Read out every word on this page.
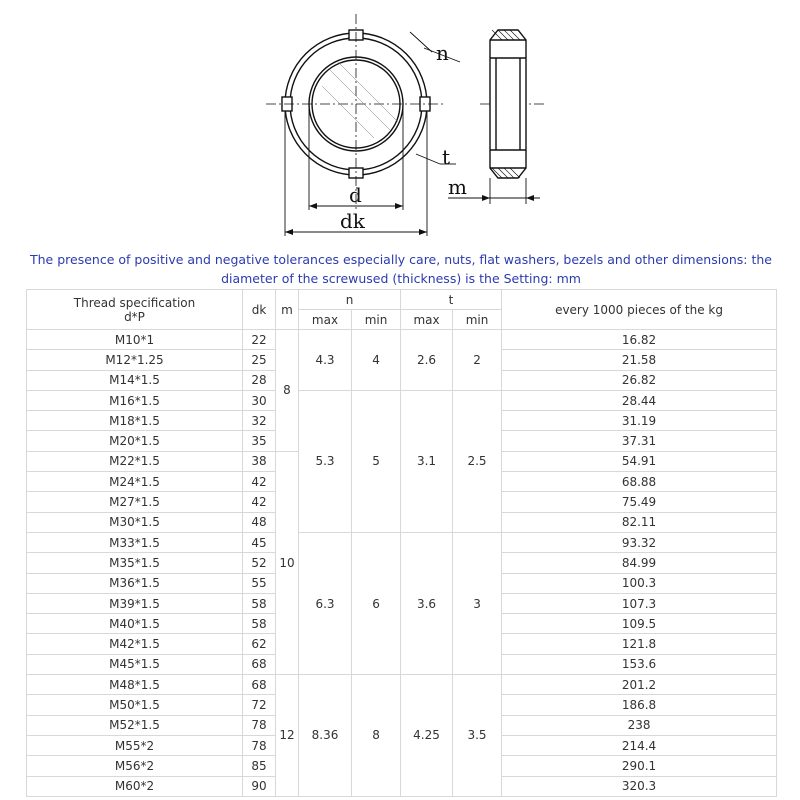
n
t
d
dk
m
The presence of positive and negative tolerances especially care, nuts, flat washers, bezels and other dimensions: the diameter of the screwused (thickness) is the Setting: mm
Thread specification
d*P	dk	m	n		t		every 1000 pieces of the kg
			max	min	max	min	
M10*1	22	8	4.3	4	2.6	2	16.82
M12*1.25	25						21.58
M14*1.5	28						26.82
M16*1.5	30		5.3	5	3.1	2.5	28.44
M18*1.5	32						31.19
M20*1.5	35						37.31
M22*1.5	38	10					54.91
M24*1.5	42						68.88
M27*1.5	42						75.49
M30*1.5	48						82.11
M33*1.5	45		6.3	6	3.6	3	93.32
M35*1.5	52						84.99
M36*1.5	55						100.3
M39*1.5	58						107.3
M40*1.5	58						109.5
M42*1.5	62						121.8
M45*1.5	68						153.6
M48*1.5	68	12	8.36	8	4.25	3.5	201.2
M50*1.5	72						186.8
M52*1.5	78						238
M55*2	78						214.4
M56*2	85						290.1
M60*2	90						320.3
